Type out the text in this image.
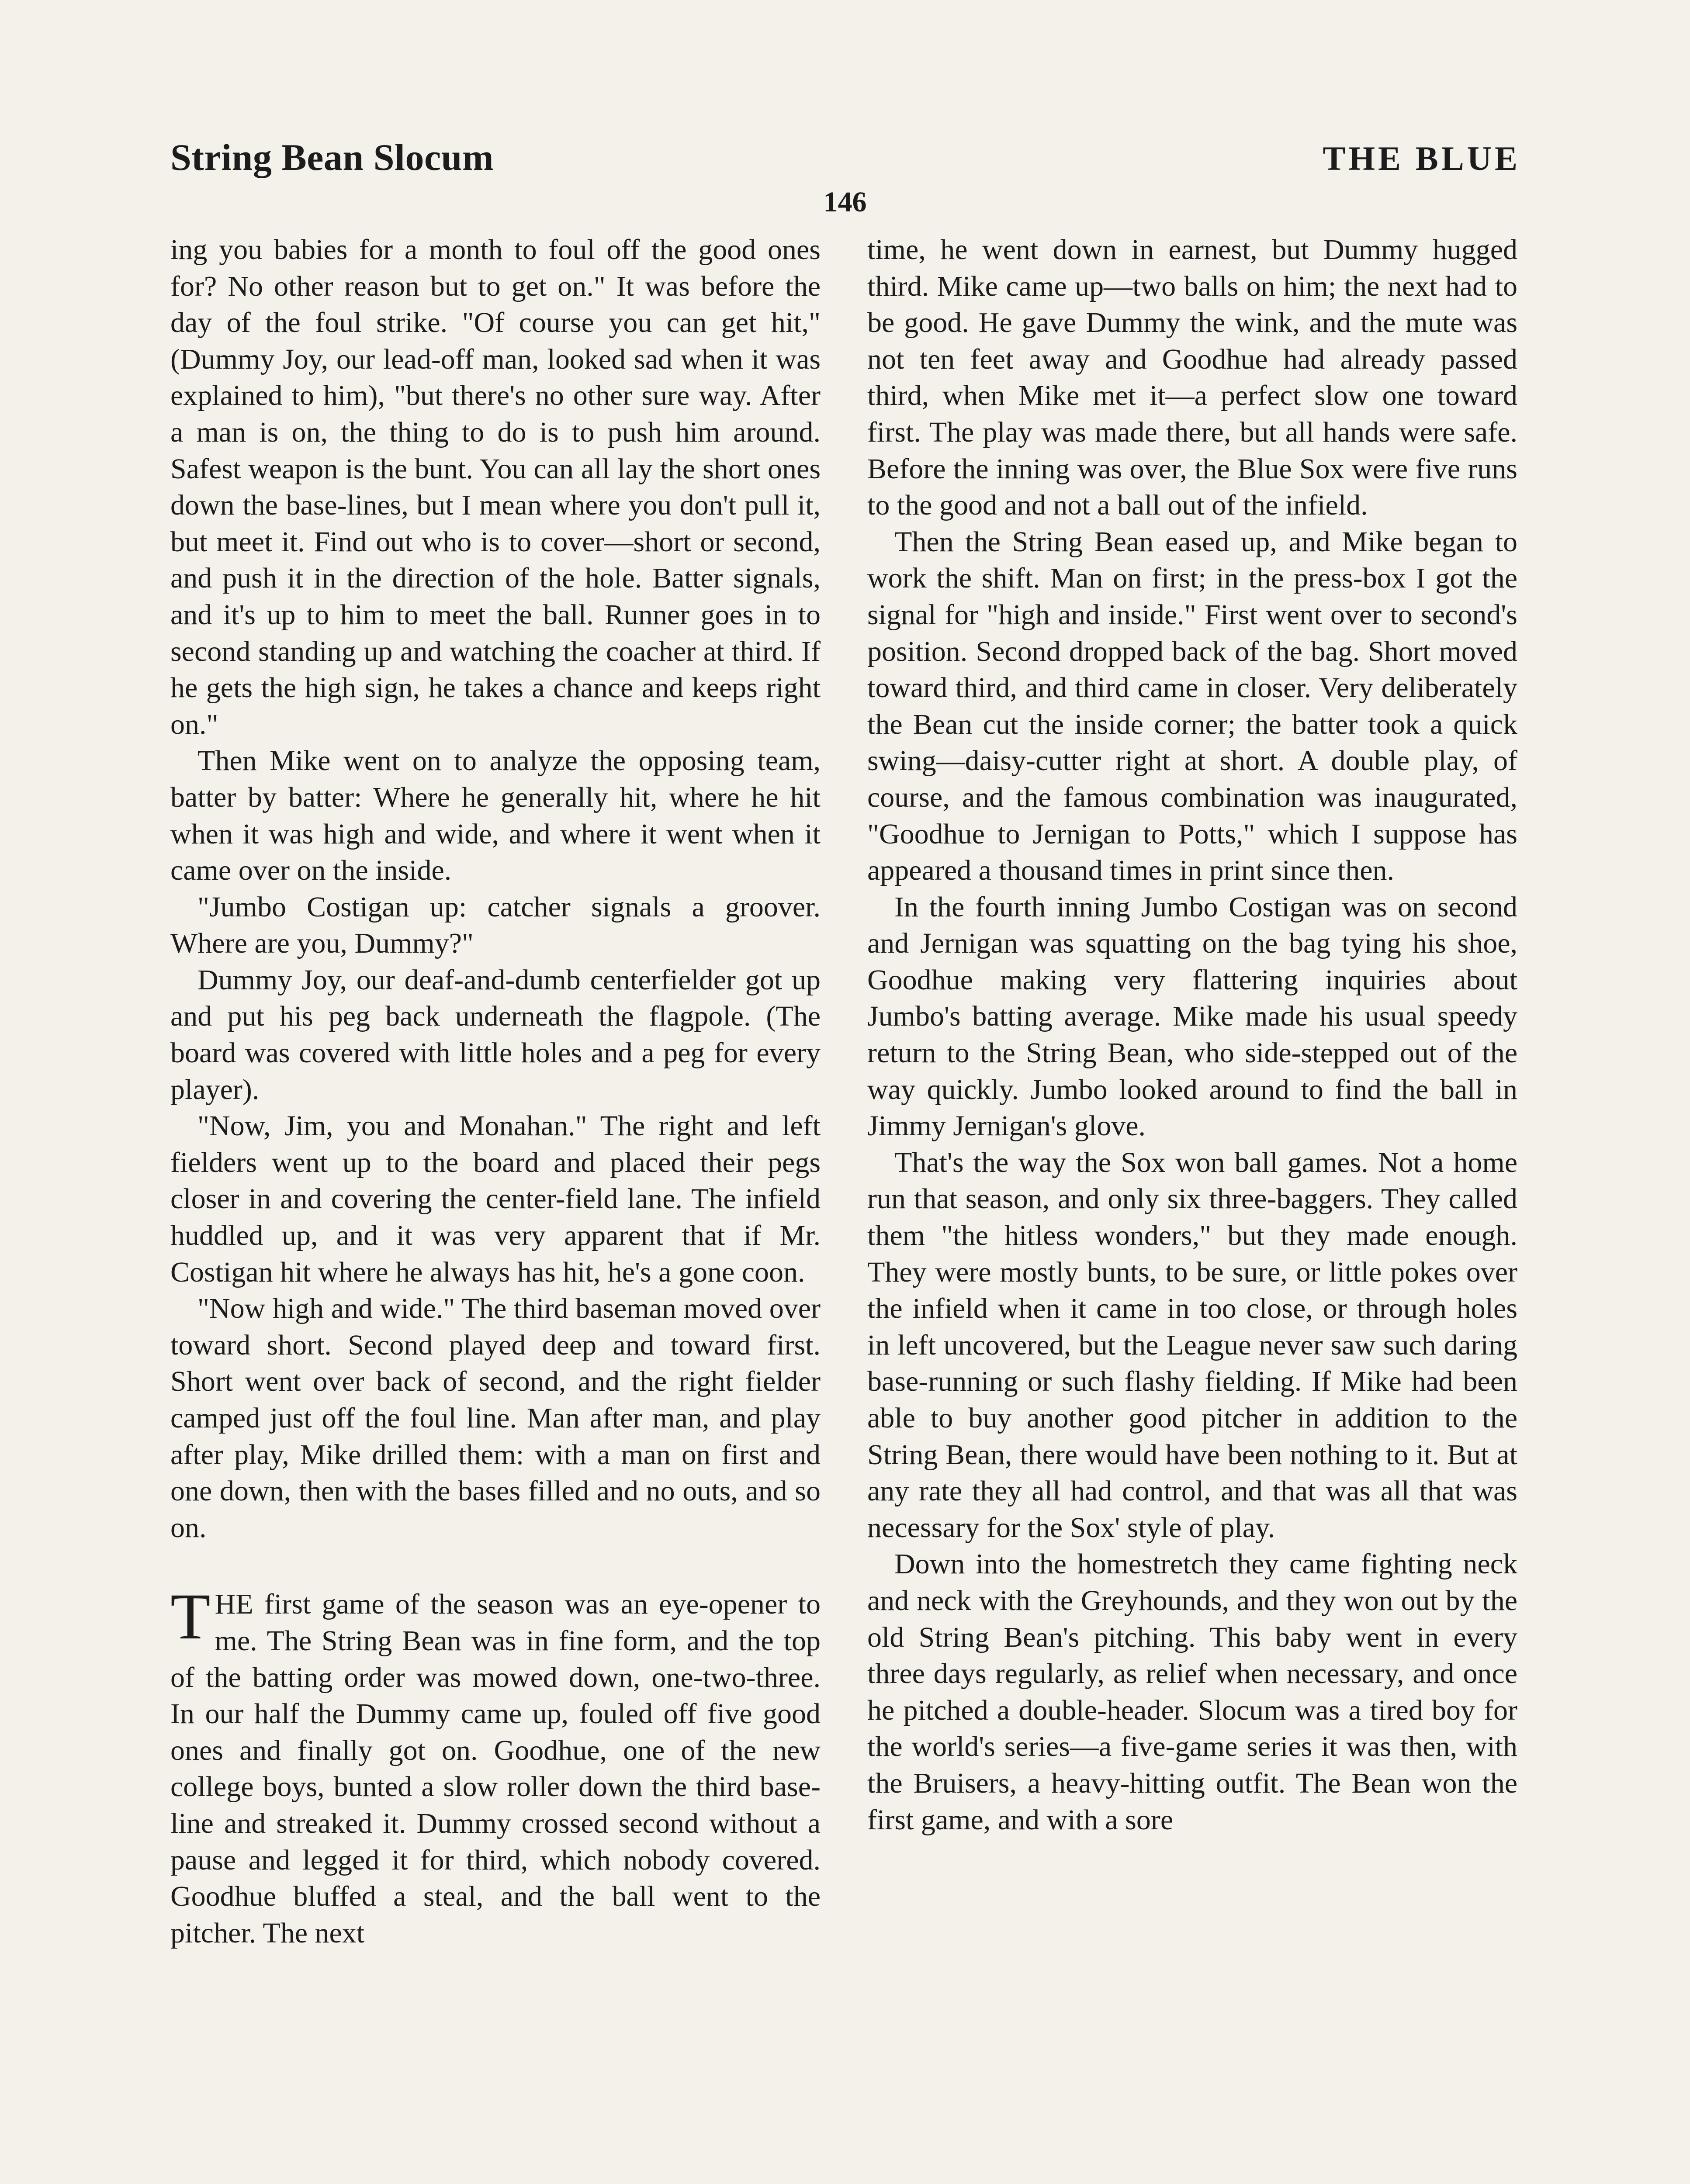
String Bean Slocum	THE BLUE
146

ing you babies for a month to foul off the good ones for? No other reason but to get on." It was before the day of the foul strike. "Of course you can get hit," (Dummy Joy, our lead-off man, looked sad when it was explained to him), "but there's no other sure way. After a man is on, the thing to do is to push him around. Safest weapon is the bunt. You can all lay the short ones down the base-lines, but I mean where you don't pull it, but meet it. Find out who is to cover—short or second, and push it in the direction of the hole. Batter signals, and it's up to him to meet the ball. Runner goes in to second standing up and watching the coacher at third. If he gets the high sign, he takes a chance and keeps right on."

Then Mike went on to analyze the opposing team, batter by batter: Where he generally hit, where he hit when it was high and wide, and where it went when it came over on the inside.

"Jumbo Costigan up: catcher signals a groover. Where are you, Dummy?"

Dummy Joy, our deaf-and-dumb centerfielder got up and put his peg back underneath the flagpole. (The board was covered with little holes and a peg for every player).

"Now, Jim, you and Monahan." The right and left fielders went up to the board and placed their pegs closer in and covering the center-field lane. The infield huddled up, and it was very apparent that if Mr. Costigan hit where he always has hit, he's a gone coon.

"Now high and wide." The third baseman moved over toward short. Second played deep and toward first. Short went over back of second, and the right fielder camped just off the foul line. Man after man, and play after play, Mike drilled them: with a man on first and one down, then with the bases filled and no outs, and so on.

THE first game of the season was an eye-opener to me. The String Bean was in fine form, and the top of the batting order was mowed down, one-two-three. In our half the Dummy came up, fouled off five good ones and finally got on. Goodhue, one of the new college boys, bunted a slow roller down the third base-line and streaked it. Dummy crossed second without a pause and legged it for third, which nobody covered. Goodhue bluffed a steal, and the ball went to the pitcher. The next

time, he went down in earnest, but Dummy hugged third. Mike came up—two balls on him; the next had to be good. He gave Dummy the wink, and the mute was not ten feet away and Goodhue had already passed third, when Mike met it—a perfect slow one toward first. The play was made there, but all hands were safe. Before the inning was over, the Blue Sox were five runs to the good and not a ball out of the infield.

Then the String Bean eased up, and Mike began to work the shift. Man on first; in the press-box I got the signal for "high and inside." First went over to second's position. Second dropped back of the bag. Short moved toward third, and third came in closer. Very deliberately the Bean cut the inside corner; the batter took a quick swing—daisy-cutter right at short. A double play, of course, and the famous combination was inaugurated, "Goodhue to Jernigan to Potts," which I suppose has appeared a thousand times in print since then.

In the fourth inning Jumbo Costigan was on second and Jernigan was squatting on the bag tying his shoe, Goodhue making very flattering inquiries about Jumbo's batting average. Mike made his usual speedy return to the String Bean, who side-stepped out of the way quickly. Jumbo looked around to find the ball in Jimmy Jernigan's glove.

That's the way the Sox won ball games. Not a home run that season, and only six three-baggers. They called them "the hitless wonders," but they made enough. They were mostly bunts, to be sure, or little pokes over the infield when it came in too close, or through holes in left uncovered, but the League never saw such daring base-running or such flashy fielding. If Mike had been able to buy another good pitcher in addition to the String Bean, there would have been nothing to it. But at any rate they all had control, and that was all that was necessary for the Sox' style of play.

Down into the homestretch they came fighting neck and neck with the Greyhounds, and they won out by the old String Bean's pitching. This baby went in every three days regularly, as relief when necessary, and once he pitched a double-header. Slocum was a tired boy for the world's series—a five-game series it was then, with the Bruisers, a heavy-hitting outfit. The Bean won the first game, and with a sore
